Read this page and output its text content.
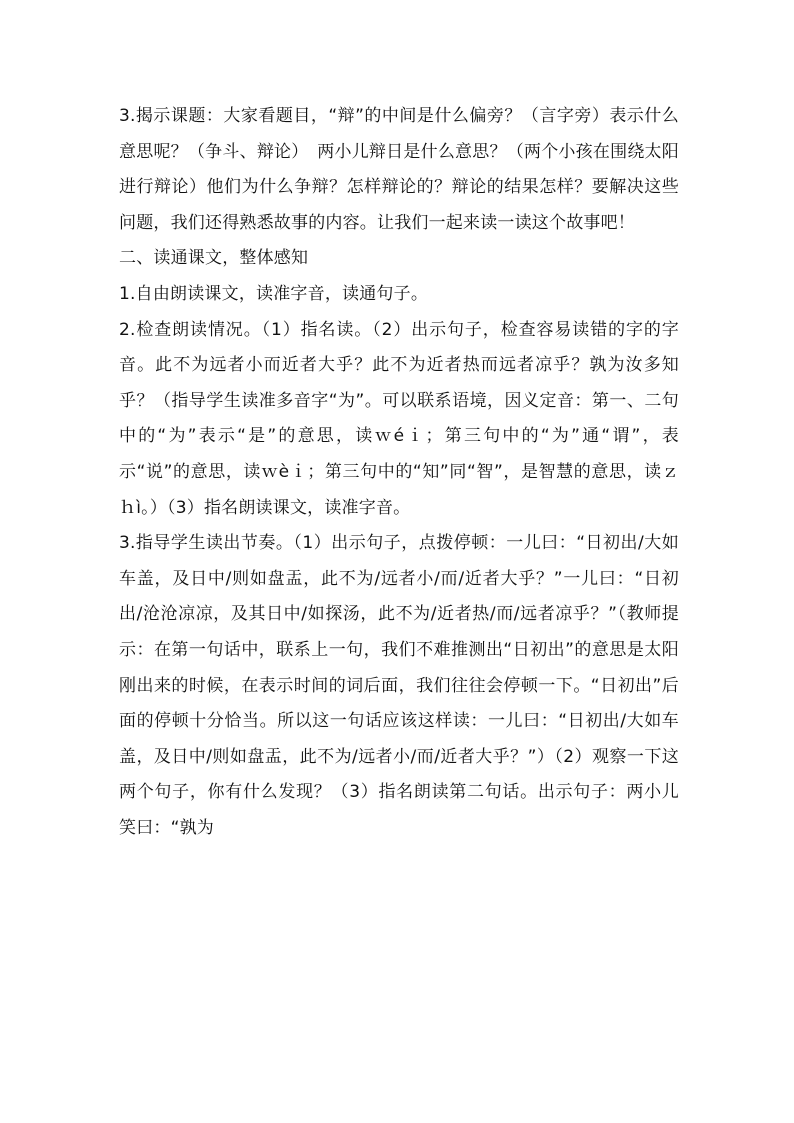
3.揭示课题：大家看题目，“辩”的中间是什么偏旁？（言字旁）表示什么意思呢？（争斗、辩论）　两小儿辩日是什么意思？（两个小孩在围绕太阳进行辩论）他们为什么争辩？怎样辩论的？辩论的结果怎样？要解决这些问题，我们还得熟悉故事的内容。让我们一起来读一读这个故事吧！

二、读通课文，整体感知

1.自由朗读课文，读准字音，读通句子。

2.检查朗读情况。（1）指名读。（2）出示句子，检查容易读错的字的字音。此不为远者小而近者大乎？此不为近者热而远者凉乎？孰为汝多知乎？（指导学生读准多音字“为”。可以联系语境，因义定音：第一、二句中的“为”表示“是”的意思，读ｗéｉ；第三句中的“为”通“谓”，表示“说”的意思，读ｗèｉ；第三句中的“知”同“智”，是智慧的意思，读ｚｈì。）（3）指名朗读课文，读准字音。

3.指导学生读出节奏。（1）出示句子，点拨停顿：一儿曰：“日初出/大如车盖，及日中/则如盘盂，此不为/远者小/而/近者大乎？”一儿曰：“日初出/沧沧凉凉，及其日中/如探汤，此不为/近者热/而/远者凉乎？”（教师提示：在第一句话中，联系上一句，我们不难推测出“日初出”的意思是太阳刚出来的时候，在表示时间的词后面，我们往往会停顿一下。“日初出”后面的停顿十分恰当。所以这一句话应该这样读：一儿曰：“日初出/大如车盖，及日中/则如盘盂，此不为/远者小/而/近者大乎？”）（2）观察一下这两个句子，你有什么发现？（3）指名朗读第二句话。出示句子：两小儿笑曰：“孰为
